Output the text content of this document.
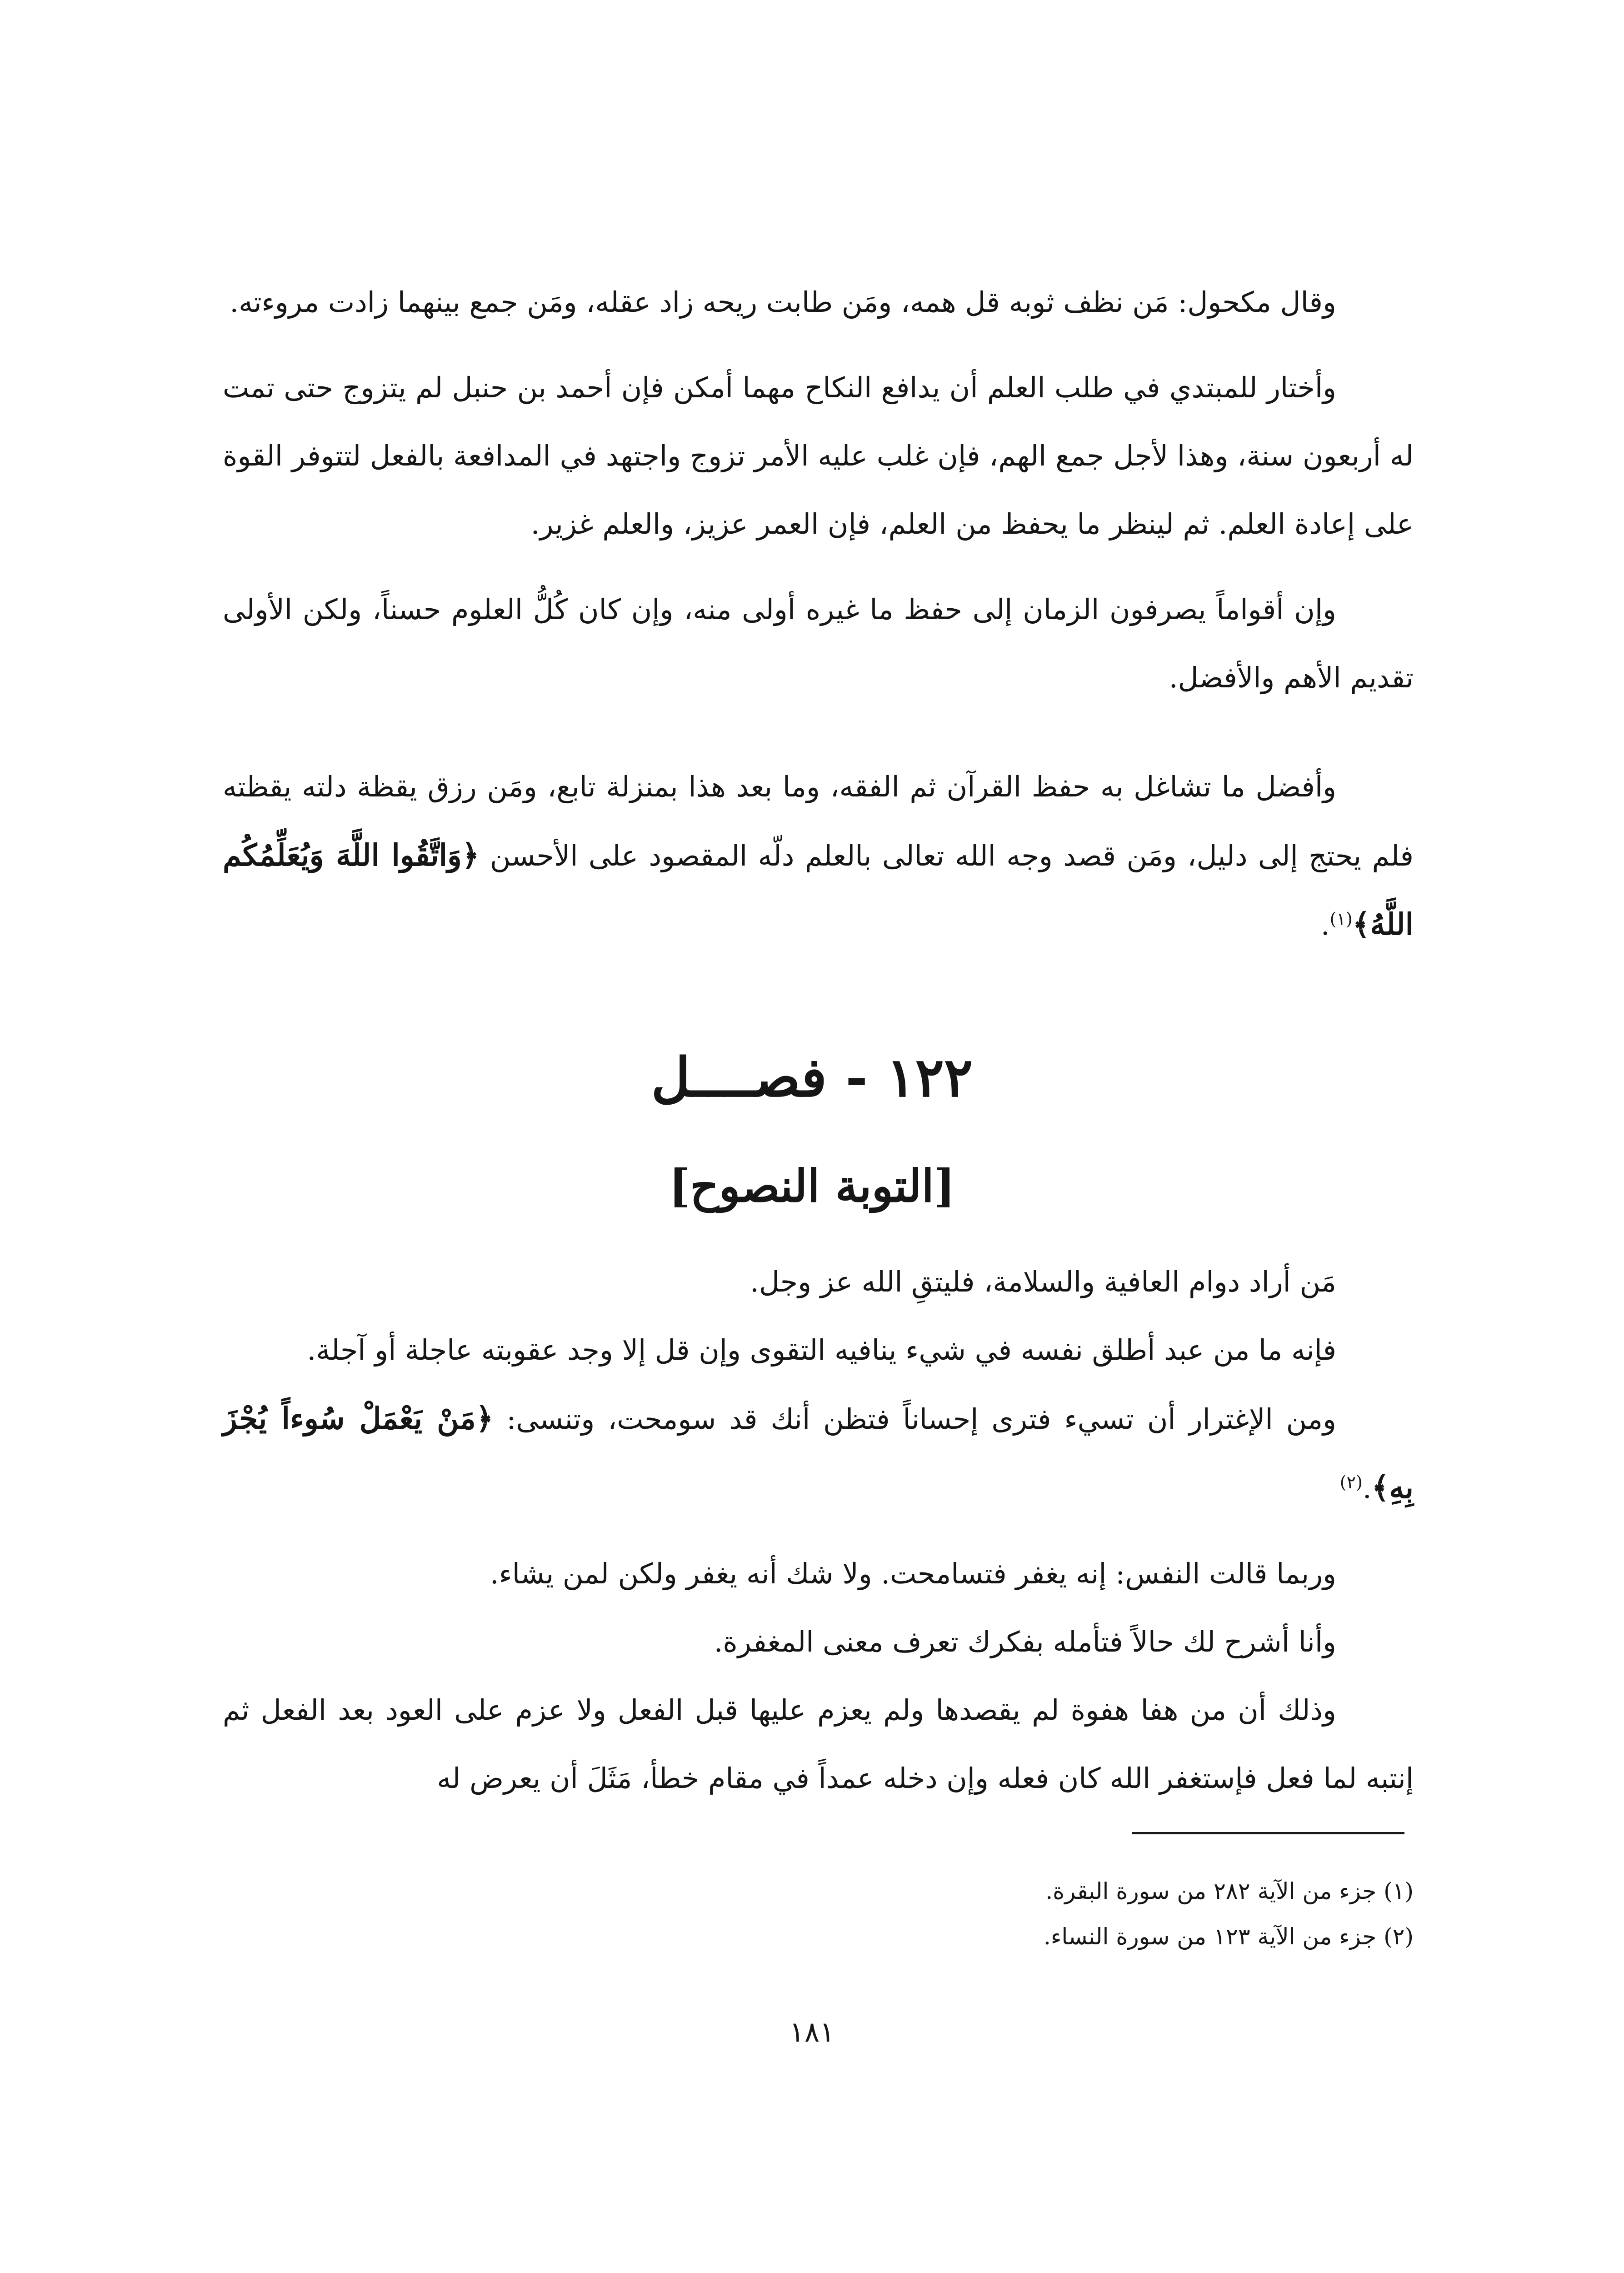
وقال مكحول: مَن نظف ثوبه قل همه، ومَن طابت ريحه زاد عقله، ومَن جمع بينهما زادت مروءته.

وأختار للمبتدي في طلب العلم أن يدافع النكاح مهما أمكن فإن أحمد بن حنبل لم يتزوج حتى تمت له أربعون سنة، وهذا لأجل جمع الهم، فإن غلب عليه الأمر تزوج واجتهد في المدافعة بالفعل لتتوفر القوة على إعادة العلم. ثم لينظر ما يحفظ من العلم، فإن العمر عزيز، والعلم غزير.

وإن أقواماً يصرفون الزمان إلى حفظ ما غيره أولى منه، وإن كان كُلُّ العلوم حسناً، ولكن الأولى تقديم الأهم والأفضل.

وأفضل ما تشاغل به حفظ القرآن ثم الفقه، وما بعد هذا بمنزلة تابع، ومَن رزق يقظة دلته يقظته فلم يحتج إلى دليل، ومَن قصد وجه الله تعالى بالعلم دلّه المقصود على الأحسن ﴿وَاتَّقُوا اللَّهَ وَيُعَلِّمُكُم اللَّهُ﴾$^{(١)}$.

١٢٢ - فصــــل
[التوبة النصوح]

مَن أراد دوام العافية والسلامة، فليتقِ الله عز وجل.

فإنه ما من عبد أطلق نفسه في شيء ينافيه التقوى وإن قل إلا وجد عقوبته عاجلة أو آجلة.

ومن الإغترار أن تسيء فترى إحساناً فتظن أنك قد سومحت، وتنسى: ﴿مَنْ يَعْمَلْ سُوءاً يُجْزَ بِهِ﴾.$^{(٢)}$

وربما قالت النفس: إنه يغفر فتسامحت. ولا شك أنه يغفر ولكن لمن يشاء.

وأنا أشرح لك حالاً فتأمله بفكرك تعرف معنى المغفرة.

وذلك أن من هفا هفوة لم يقصدها ولم يعزم عليها قبل الفعل ولا عزم على العود بعد الفعل ثم إنتبه لما فعل فإستغفر الله كان فعله وإن دخله عمداً في مقام خطأ، مَثَلَ أن يعرض له

(١) جزء من الآية ٢٨٢ من سورة البقرة.

(٢) جزء من الآية ١٢٣ من سورة النساء.

١٨١
